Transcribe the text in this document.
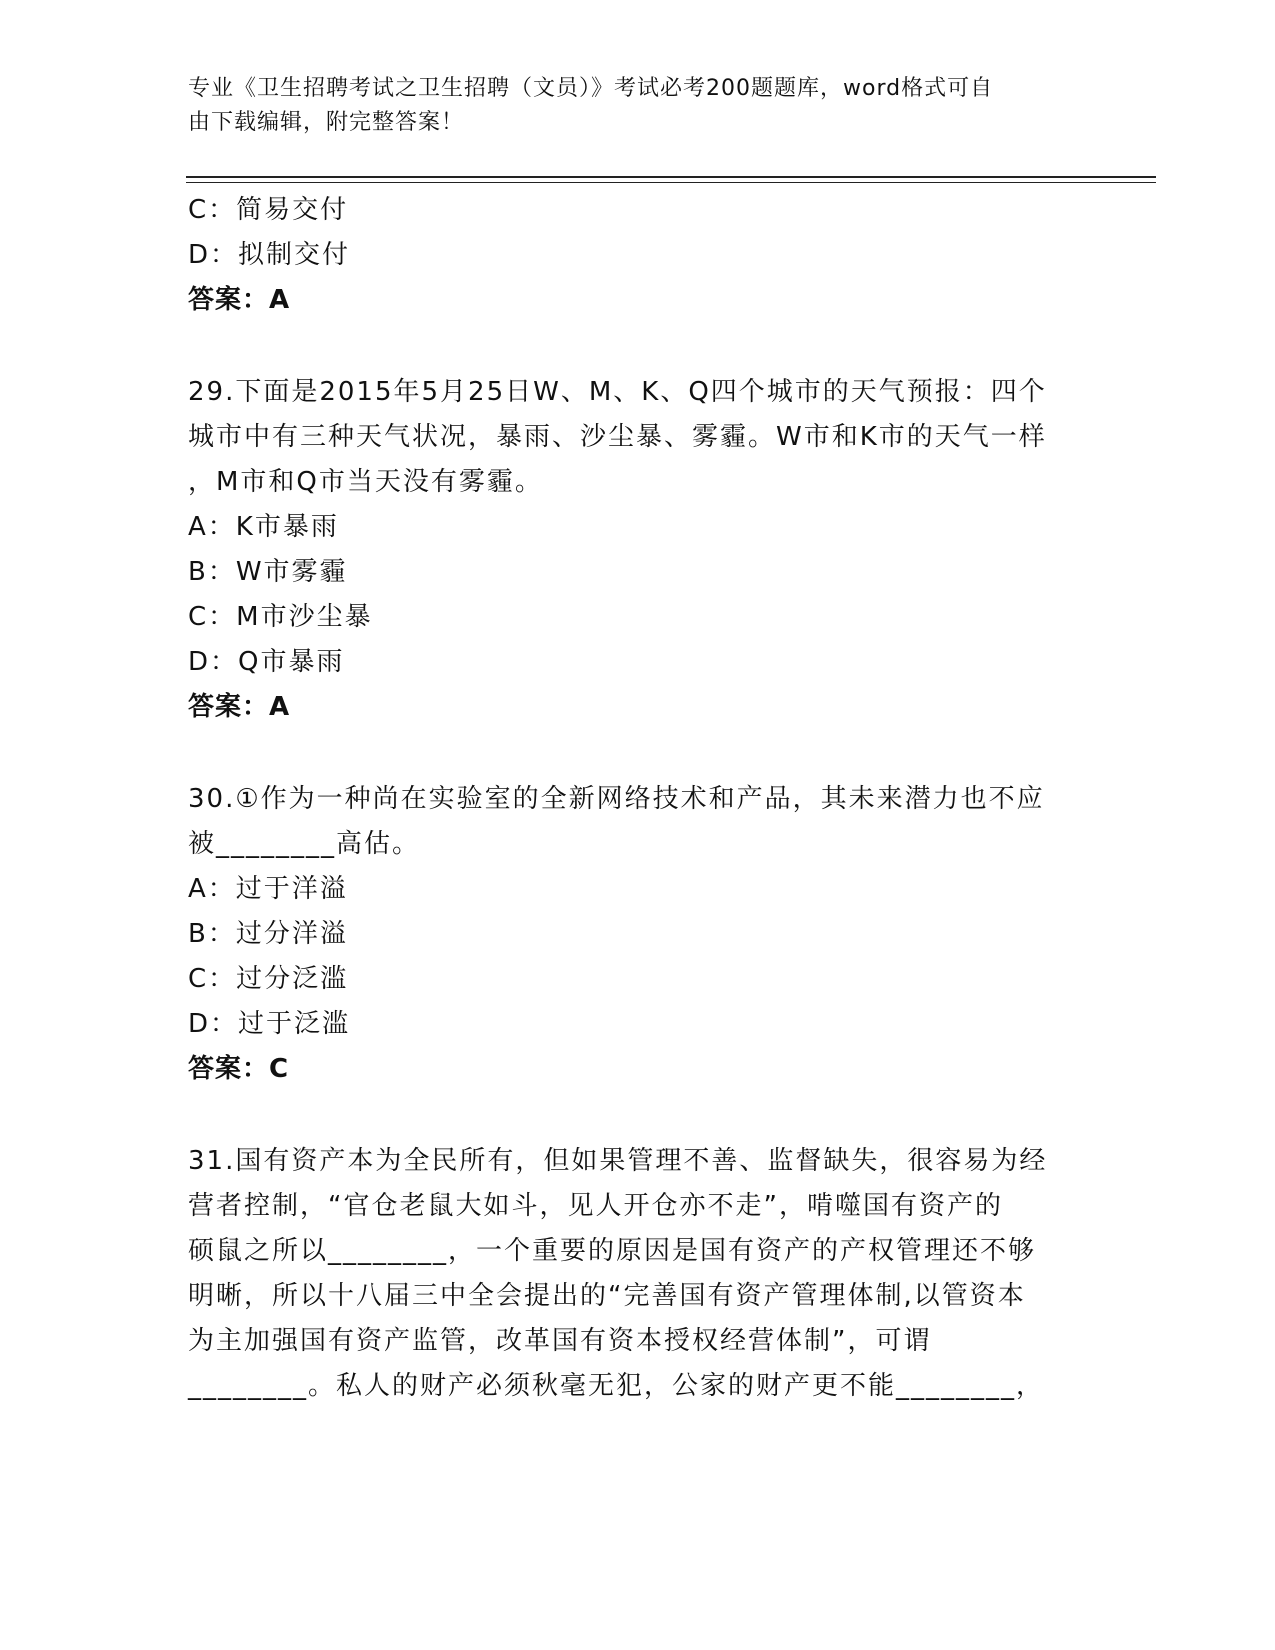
专业《卫生招聘考试之卫生招聘（文员）》考试必考200题题库，word格式可自
由下载编辑，附完整答案！
C：简易交付
D：拟制交付
答案：A
29.下面是2015年5月25日W、M、K、Q四个城市的天气预报：四个
城市中有三种天气状况，暴雨、沙尘暴、雾霾。W市和K市的天气一样
，M市和Q市当天没有雾霾。
A：K市暴雨
B：W市雾霾
C：M市沙尘暴
D：Q市暴雨
答案：A
30.①作为一种尚在实验室的全新网络技术和产品，其未来潜力也不应
被________高估。
A：过于洋溢
B：过分洋溢
C：过分泛滥
D：过于泛滥
答案：C
31.国有资产本为全民所有，但如果管理不善、监督缺失，很容易为经
营者控制，“官仓老鼠大如斗，见人开仓亦不走”，啃噬国有资产的
硕鼠之所以________，一个重要的原因是国有资产的产权管理还不够
明晰，所以十八届三中全会提出的“完善国有资产管理体制,以管资本
为主加强国有资产监管，改革国有资本授权经营体制”，可谓
________。私人的财产必须秋毫无犯，公家的财产更不能________，
